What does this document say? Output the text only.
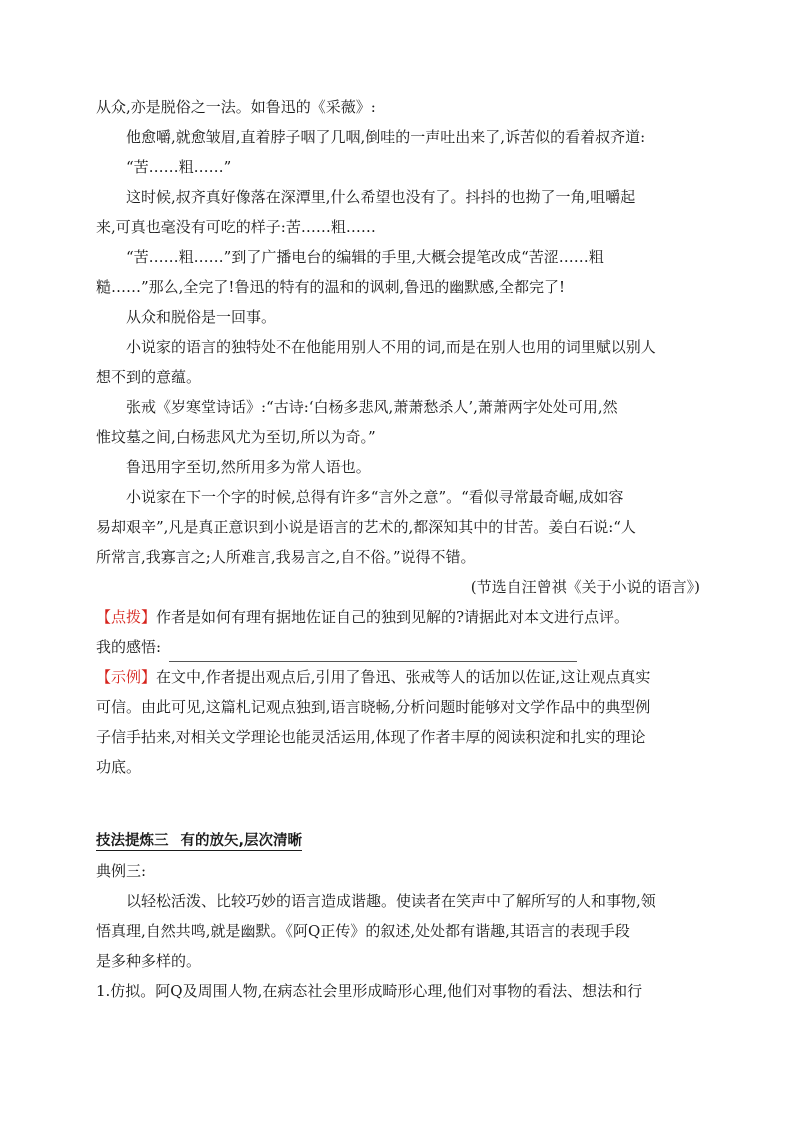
从众,亦是脱俗之一法。如鲁迅的《采薇》:
他愈嚼,就愈皱眉,直着脖子咽了几咽,倒哇的一声吐出来了,诉苦似的看着叔齐道:
“苦……粗……”
这时候,叔齐真好像落在深潭里,什么希望也没有了。抖抖的也拗了一角,咀嚼起
来,可真也毫没有可吃的样子:苦……粗……
“苦……粗……”到了广播电台的编辑的手里,大概会提笔改成“苦涩……粗
糙……”那么,全完了!鲁迅的特有的温和的讽刺,鲁迅的幽默感,全都完了!
从众和脱俗是一回事。
小说家的语言的独特处不在他能用别人不用的词,而是在别人也用的词里赋以别人
想不到的意蕴。
张戒《岁寒堂诗话》:“古诗:‘白杨多悲风,萧萧愁杀人’,萧萧两字处处可用,然
惟坟墓之间,白杨悲风尤为至切,所以为奇。”
鲁迅用字至切,然所用多为常人语也。
小说家在下一个字的时候,总得有许多“言外之意”。“看似寻常最奇崛,成如容
易却艰辛”,凡是真正意识到小说是语言的艺术的,都深知其中的甘苦。姜白石说:“人
所常言,我寡言之;人所难言,我易言之,自不俗。”说得不错。
(节选自汪曾祺《关于小说的语言》)
【点拨】作者是如何有理有据地佐证自己的独到见解的?请据此对本文进行点评。
我的感悟:
【示例】在文中,作者提出观点后,引用了鲁迅、张戒等人的话加以佐证,这让观点真实
可信。由此可见,这篇札记观点独到,语言晓畅,分析问题时能够对文学作品中的典型例
子信手拈来,对相关文学理论也能灵活运用,体现了作者丰厚的阅读积淀和扎实的理论
功底。
技法提炼三 有的放矢,层次清晰
典例三:
以轻松活泼、比较巧妙的语言造成谐趣。使读者在笑声中了解所写的人和事物,领
悟真理,自然共鸣,就是幽默。《阿Q正传》的叙述,处处都有谐趣,其语言的表现手段
是多种多样的。
1.仿拟。阿Q及周围人物,在病态社会里形成畸形心理,他们对事物的看法、想法和行
